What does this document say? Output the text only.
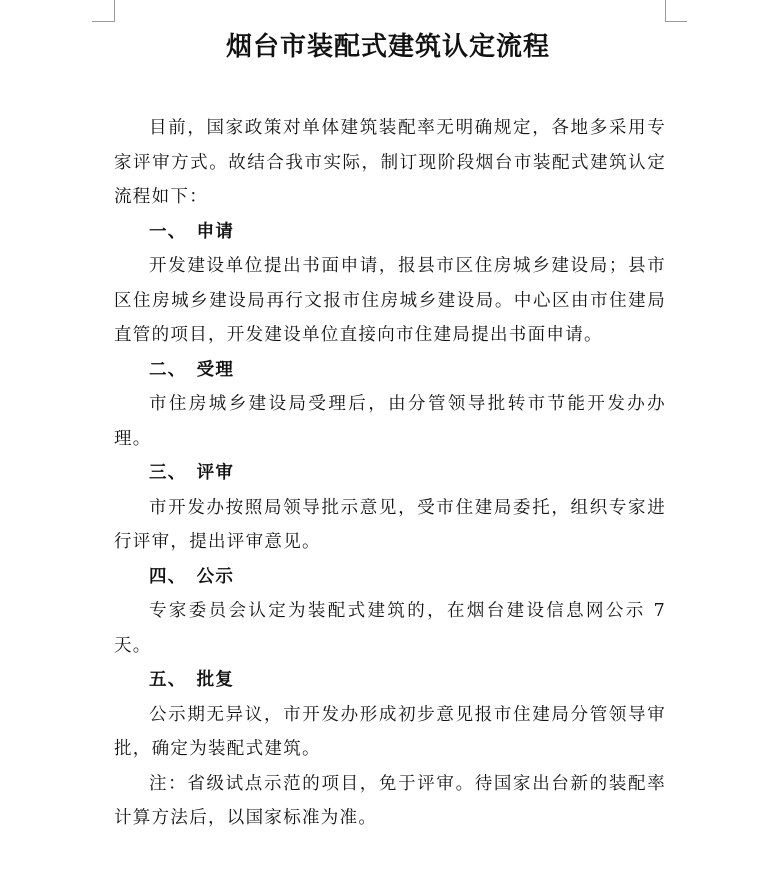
烟台市装配式建筑认定流程

目前，国家政策对单体建筑装配率无明确规定，各地多采用专家评审方式。故结合我市实际，制订现阶段烟台市装配式建筑认定流程如下：

一、 申请

开发建设单位提出书面申请，报县市区住房城乡建设局；县市区住房城乡建设局再行文报市住房城乡建设局。中心区由市住建局直管的项目，开发建设单位直接向市住建局提出书面申请。

二、 受理

市住房城乡建设局受理后，由分管领导批转市节能开发办办理。

三、 评审

市开发办按照局领导批示意见，受市住建局委托，组织专家进行评审，提出评审意见。

四、 公示

专家委员会认定为装配式建筑的，在烟台建设信息网公示 7 天。

五、 批复

公示期无异议，市开发办形成初步意见报市住建局分管领导审批，确定为装配式建筑。

注：省级试点示范的项目，免于评审。待国家出台新的装配率计算方法后，以国家标准为准。
